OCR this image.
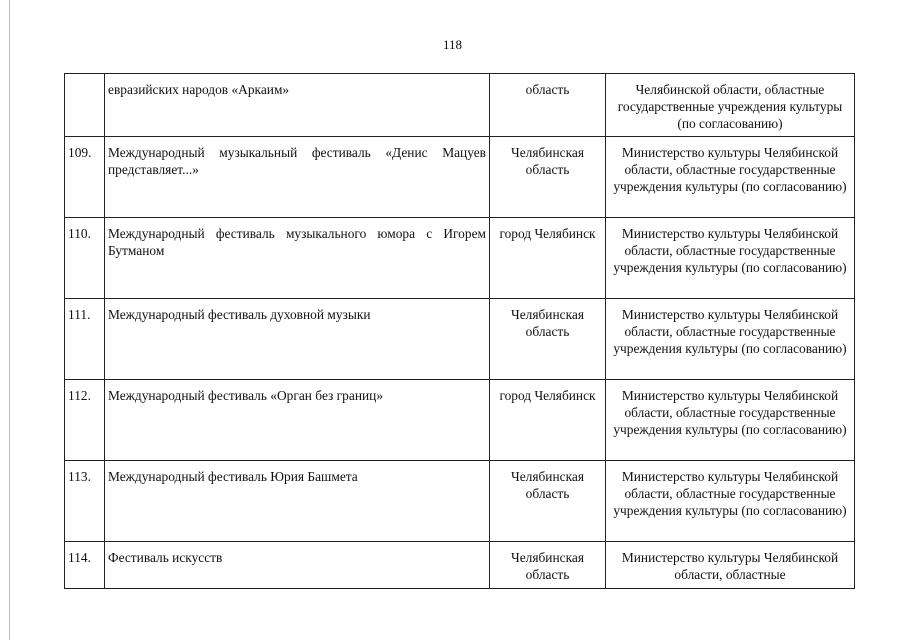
118
	евразийских народов «Аркаим»	область	Челябинской области, областные государственные учреждения культуры (по согласованию)
109.	Международный музыкальный фестиваль «Денис Мацуев представляет...»	Челябинская область	Министерство культуры Челябинской области, областные государственные учреждения культуры (по согласованию)
110.	Международный фестиваль музыкального юмора с Игорем Бутманом	город Челябинск	Министерство культуры Челябинской области, областные государственные учреждения культуры (по согласованию)
111.	Международный фестиваль духовной музыки	Челябинская область	Министерство культуры Челябинской области, областные государственные учреждения культуры (по согласованию)
112.	Международный фестиваль «Орган без границ»	город Челябинск	Министерство культуры Челябинской области, областные государственные учреждения культуры (по согласованию)
113.	Международный фестиваль Юрия Башмета	Челябинская область	Министерство культуры Челябинской области, областные государственные учреждения культуры (по согласованию)
114.	Фестиваль искусств	Челябинская область	Министерство культуры Челябинской области, областные
